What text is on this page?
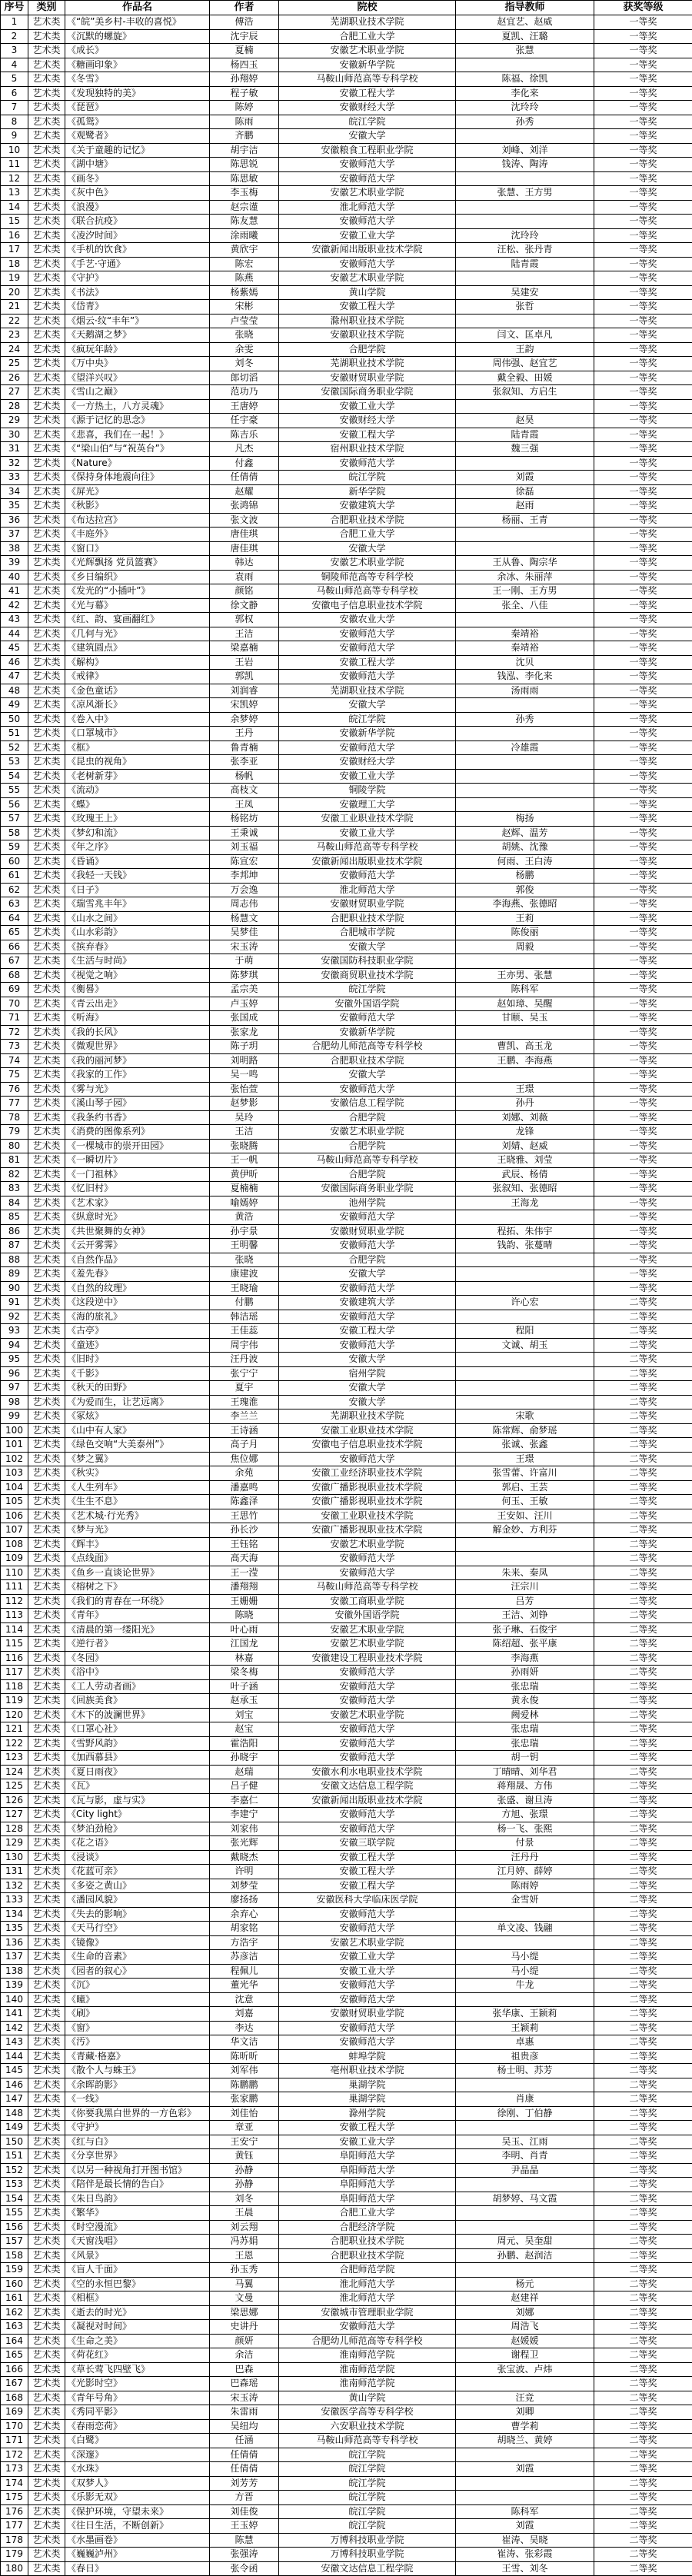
序号	类别	作品名	作者	院校	指导教师	获奖等级
1	艺术类	《“皖”美乡村-丰收的喜悦》	傅浩	芜湖职业技术学院	赵宜艺、赵威	一等奖
2	艺术类	《沉默的螺旋》	沈宇辰	合肥工业大学	夏凯、汪璐	一等奖
3	艺术类	《成长》	夏楠	安徽艺术职业学院	张慧	一等奖
4	艺术类	《糖画印象》	杨四玉	安徽新华学院		一等奖
5	艺术类	《冬雪》	孙翔婷	马鞍山师范高等专科学校	陈福、徐凯	一等奖
6	艺术类	《发现独特的美》	程子敏	安徽工程大学	李化来	一等奖
7	艺术类	《琵琶》	陈婷	安徽财经大学	沈玲玲	一等奖
8	艺术类	《孤鸳》	陈雨	皖江学院	孙秀	一等奖
9	艺术类	《观鹭者》	齐鹏	安徽大学		一等奖
10	艺术类	《关于童趣的记忆》	胡宇洁	安徽粮食工程职业学院	刘峰、刘洋	一等奖
11	艺术类	《湖中塘》	陈思锐	安徽师范大学	钱涛、陶涛	一等奖
12	艺术类	《画冬》	陈思敏	安徽师范大学		一等奖
13	艺术类	《灰中色》	李玉梅	安徽艺术职业学院	张慧、王方男	一等奖
14	艺术类	《浪漫》	赵宗谨	淮北师范大学		一等奖
15	艺术类	《联合抗疫》	陈友慧	安徽师范大学		一等奖
16	艺术类	《凌汐时间》	涂雨曦	安徽工业大学	沈玲玲	一等奖
17	艺术类	《手机的饮食》	黄欣宇	安徽新闻出版职业技术学院	汪松、张丹青	一等奖
18	艺术类	《手艺·守通》	陈宏	安徽师范大学	陆青霞	一等奖
19	艺术类	《守护》	陈燕	安徽艺术职业学院		一等奖
20	艺术类	《书法》	杨紫嫣	黄山学院	吴建安	一等奖
21	艺术类	《岱青》	宋彬	安徽工程大学	张哲	一等奖
22	艺术类	《烟云·纹“丰年”》	卢莹莹	滁州职业技术学院		一等奖
23	艺术类	《天鹅湖之梦》	张晓	安徽职业技术学院	闫文、匡卓凡	一等奖
24	艺术类	《疯玩年龄》	余雯	合肥学院	王韵	一等奖
25	艺术类	《万中央》	刘冬	芜湖职业技术学院	周伟强、赵宜艺	一等奖
26	艺术类	《望洋兴叹》	郎切滔	安徽财贸职业学院	戴全毅、田媛	一等奖
27	艺术类	《雪山之巅》	范功乃	安徽国际商务职业学院	张叙知、方启生	一等奖
28	艺术类	《一方热土，八方灵魂》	王唐婷	安徽工业大学		一等奖
29	艺术类	《源于记忆的思念》	任宇豪	安徽财经大学	赵昊	一等奖
30	艺术类	《悲喜，我们在一起！》	陈吉乐	安徽工程大学	陆青霞	一等奖
31	艺术类	《“梁山伯”与“祝英台”》	凡杰	宿州职业技术学院	魏三强	一等奖
32	艺术类	《Nature》	付鑫	安徽师范大学		一等奖
33	艺术类	《保持身体地震向往》	任倩倩	皖江学院	刘霞	一等奖
34	艺术类	《屏光》	赵耀	新华学院	徐磊	一等奖
35	艺术类	《秋影》	张鸿锦	安徽建筑大学	赵雨	一等奖
36	艺术类	《布达拉宫》	张文波	合肥职业技术学院	杨丽、王青	一等奖
37	艺术类	《丰庭外》	唐佳琪	合肥工业大学		一等奖
38	艺术类	《窗口》	唐佳琪	安徽大学		一等奖
39	艺术类	《光辉飘扬 党员篮赛》	韩达	安徽艺术职业学院	王从鲁、陶宗华	一等奖
40	艺术类	《乡日编织》	袁雨	铜陵师范高等专科学校	余冰、朱丽萍	一等奖
41	艺术类	《发光的“小插叶”》	颜铭	马鞍山师范高等专科学校	王一刚、王方男	一等奖
42	艺术类	《光与幕》	徐文静	安徽电子信息职业技术学院	张全、八佳	一等奖
43	艺术类	《红、韵、宴画翻红》	郭权	安徽农业大学		一等奖
44	艺术类	《几何与光》	王洁	安徽师范大学	秦靖裕	一等奖
45	艺术类	《建筑圆点》	梁嘉楠	安徽师范大学	秦靖裕	一等奖
46	艺术类	《解构》	王岩	安徽工程大学	沈贝	一等奖
47	艺术类	《戒律》	郭凯	安徽师范大学	钱泓、李化来	一等奖
48	艺术类	《金色童话》	刘润睿	芜湖职业技术学院	汤雨雨	一等奖
49	艺术类	《凉风渐长》	宋凯婷	安徽大学		一等奖
50	艺术类	《卷入中》	余梦婷	皖江学院	孙秀	一等奖
51	艺术类	《口罩城市》	王丹	安徽新华学院		一等奖
52	艺术类	《框》	鲁青楠	安徽师范大学	冷雄霞	一等奖
53	艺术类	《昆虫的视角》	张李亚	安徽财经大学		一等奖
54	艺术类	《老树新芽》	杨帆	安徽工业大学		一等奖
55	艺术类	《流动》	高枝文	铜陵学院		一等奖
56	艺术类	《蝶》	王凤	安徽理工大学		一等奖
57	艺术类	《玫瑰王上》	杨铭坊	安徽工业职业技术学院	梅扬	一等奖
58	艺术类	《梦幻和流》	王秉诚	安徽工业大学	赵辉、温芳	一等奖
59	艺术类	《年之序》	刘玉福	马鞍山师范高等专科学校	胡姚、沈豫	一等奖
60	艺术类	《昏诵》	陈宣宏	安徽新闻出版职业技术学院	何雨、王白涛	一等奖
61	艺术类	《我轻一天钱》	李邦坤	安徽师范大学	杨鹏	一等奖
62	艺术类	《日子》	万会逸	淮北师范大学	郭俊	一等奖
63	艺术类	《瑞雪兆丰年》	周志伟	安徽财贸职业学院	李海燕、张德昭	一等奖
64	艺术类	《山水之间》	杨慧文	合肥职业技术学院	王莉	一等奖
65	艺术类	《山水彩韵》	吴梦佳	合肥城市学院	陈俊丽	一等奖
66	艺术类	《摈弃春》	宋玉涛	安徽大学	周毅	一等奖
67	艺术类	《生活与时尚》	于萌	安徽国防科技职业学院		一等奖
68	艺术类	《视觉之响》	陈梦琪	安徽商贸职业技术学院	王亦男、张慧	一等奖
69	艺术类	《衡晷》	孟宗美	皖江学院	陈科军	一等奖
70	艺术类	《青云出走》	卢玉婷	安徽外国语学院	赵如璋、吴醒	一等奖
71	艺术类	《听海》	张国成	安徽师范大学	甘颐、吴玉	一等奖
72	艺术类	《我的长风》	张家龙	安徽新华学院		一等奖
73	艺术类	《微观世界》	陈子玥	合肥幼儿师范高等专科学校	曹凯、高玉龙	一等奖
74	艺术类	《我的丽河梦》	刘明路	合肥职业技术学院	王鹏、李海燕	一等奖
75	艺术类	《我家的工作》	吴一鸣	安徽大学		一等奖
76	艺术类	《雾与光》	张怡萱	安徽师范大学	王璟	一等奖
77	艺术类	《溪山琴子园》	赵梦影	安徽信息工程学院	孙丹	一等奖
78	艺术类	《我条约书香》	吴玲	合肥学院	刘娜、刘薇	一等奖
79	艺术类	《消费的图像系列》	王洁	安徽艺术职业学院	龙锋	一等奖
80	艺术类	《一棵城市的崇开田园》	张晓腾	合肥学院	刘婧、赵威	一等奖
81	艺术类	《一瞬切片》	王一帆	马鞍山师范高等专科学校	王晓雅、刘莹	一等奖
82	艺术类	《一门祖林》	黄伊昕	合肥学院	武辰、杨倩	一等奖
83	艺术类	《忆旧村》	夏楠楠	安徽国际商务职业学院	张叙知、张德昭	一等奖
84	艺术类	《艺术家》	喻嫣婷	池州学院	王海龙	一等奖
85	艺术类	《纵意时光》	黄浩	安徽师范大学		一等奖
86	艺术类	《共世聚舞的女神》	孙宇景	安徽财贸职业学院	程拓、朱伟宇	一等奖
87	艺术类	《云开雾霁》	王明馨	安徽师范大学	钱韵、张蔓晴	一等奖
88	艺术类	《自然作品》	张晓	合肥学院		一等奖
89	艺术类	《羞先春》	康建波	安徽大学		一等奖
90	艺术类	《自然的纹理》	王晓瑜	安徽师范大学		一等奖
91	艺术类	《这段逆中》	付鹏	安徽建筑大学	许心宏	二等奖
92	艺术类	《海的旅礼》	韩洁瑶	安徽师范大学		二等奖
93	艺术类	《古亭》	王佳蕊	安徽工程大学	程阳	二等奖
94	艺术类	《童迹》	周宇伟	安徽师范大学	文诚、胡玉	二等奖
95	艺术类	《旧时》	汪丹波	安徽大学		二等奖
96	艺术类	《千影》	张宁宁	宿州学院		二等奖
97	艺术类	《秋天的田野》	夏宇	安徽大学		二等奖
98	艺术类	《为爱而生，让艺远离》	王瑰淮	安徽大学		二等奖
99	艺术类	《冢炫》	李兰兰	芜湖职业技术学院	宋歌	二等奖
100	艺术类	《山中有人家》	王诗涵	安徽工业职业技术学院	陈常辉、俞梦瑶	二等奖
101	艺术类	《绿色交响“大美泰州”》	高子月	安徽电子信息职业技术学院	张诚、张鑫	二等奖
102	艺术类	《梦之翼》	焦位娜	安徽师范大学	王璟	二等奖
103	艺术类	《秋实》	余苑	安徽工业经济职业技术学院	张雪蕾、许富川	二等奖
104	艺术类	《人生列车》	潘嘉鸣	安徽广播影视职业技术学院	郭启、王芸	二等奖
105	艺术类	《生生不息》	陈鑫泽	安徽广播影视职业技术学院	何玉、王敏	二等奖
106	艺术类	《艺术城·行光秀》	王思竹	安徽工业职业技术学院	王安如、汪川	二等奖
107	艺术类	《梦与光》	孙长沙	安徽广播影视职业技术学院	解金妙、方利芬	二等奖
108	艺术类	《辉丰》	王钰铭	安徽艺术职业学院		二等奖
109	艺术类	《点线面》	高天海	安徽师范大学		二等奖
110	艺术类	《鱼乡一直谈论世界》	王一滢	安徽师范大学	朱来、秦凤	二等奖
111	艺术类	《榕树之下》	潘翔翔	马鞍山师范高等专科学校	汪宗川	二等奖
112	艺术类	《我们的青春在一环绕》	王姗姗	安徽工商职业学院	吕芳	二等奖
113	艺术类	《青年》	陈晓	安徽外国语学院	王洁、刘铮	二等奖
114	艺术类	《清晨的第一缕阳光》	叶心雨	安徽艺术职业学院	张子琳、石俊宇	二等奖
115	艺术类	《逆行者》	江国龙	安徽艺术职业学院	陈绍超、张平康	二等奖
116	艺术类	《冬园》	林嘉	安徽建设工程职业技术学院	李海燕	二等奖
117	艺术类	《浴中》	梁冬梅	安徽师范大学	孙雨妍	二等奖
118	艺术类	《工人劳动者画》	叶子涵	安徽师范大学	张忠瑞	二等奖
119	艺术类	《回族美食》	赵承玉	安徽师范大学	黄永俊	二等奖
120	艺术类	《木下的波澜世界》	刘宝	安徽艺术职业学院	阙爱林	二等奖
121	艺术类	《口罩心社》	赵宝	安徽师范大学	张忠瑞	二等奖
122	艺术类	《雪野风韵》	霍浩阳	安徽师范大学	张忠瑞	二等奖
123	艺术类	《加西慕县》	孙晓宇	安徽师范大学	胡一钥	二等奖
124	艺术类	《夏日雨夜》	赵瑞	安徽水利水电职业技术学院	丁晴晴、刘华君	二等奖
125	艺术类	《瓦》	吕子健	安徽文达信息工程学院	蒋翔晟、方伟	二等奖
126	艺术类	《瓦与影，虚与实》	李嘉仁	安徽新闻出版职业技术学院	张盛、谢旦涛	二等奖
127	艺术类	《City light》	李建宁	安徽师范大学	方旭、张璟	二等奖
128	艺术类	《梦泊劲枪》	刘家伟	安徽师范大学	杨一飞、张熙	二等奖
129	艺术类	《花之语》	张光辉	安徽三联学院	付景	二等奖
130	艺术类	《浸谈》	戴晓杰	安徽工程大学	汪丹丹	二等奖
131	艺术类	《花蓝可亲》	许明	安徽工程大学	江月婷、薛婷	二等奖
132	艺术类	《多姿之黄山》	刘梦莹	安徽工程大学	陈雨婷	二等奖
133	艺术类	《潘园风貌》	廖扬扬	安徽医科大学临床医学院	金雪妍	二等奖
134	艺术类	《失去的影响》	余弃心	安徽师范大学		二等奖
135	艺术类	《天马行空》	胡家铭	安徽师范大学	单文凌、钱翮	二等奖
136	艺术类	《镜像》	方浩宇	安徽艺术职业学院		二等奖
137	艺术类	《生命的音素》	苏彦洁	安徽工业大学	马小缇	二等奖
138	艺术类	《园者的叙心》	程佩儿	安徽工业大学	马小缇	二等奖
139	艺术类	《沉》	董光华	安徽师范大学	牛龙	二等奖
140	艺术类	《曈》	沈意	安徽师范大学		二等奖
141	艺术类	《刷》	刘嘉	安徽财贸职业学院	张华康、王颖莉	二等奖
142	艺术类	《窗》	李达	安徽师范大学	王颖莉	二等奖
143	艺术类	《汚》	华文洁	安徽师范大学	卓惠	二等奖
144	艺术类	《青藏·格嘉》	陈昕昕	蚌埠学院	祖贵彦	二等奖
145	艺术类	《散个人与蛛王》	刘军伟	亳州职业技术学院	杨士明、苏芳	二等奖
146	艺术类	《余晖韵影》	陈鹏鹏	巢湖学院		二等奖
147	艺术类	《一线》	张家鹏	巢湖学院	肖康	二等奖
148	艺术类	《你要我黑白世界的一方色彩》	刘佳怡	滁州学院	徐刚、丁伯静	二等奖
149	艺术类	《守护》	章亚	安徽工程大学		二等奖
150	艺术类	《红与白》	王安宁	安徽工业大学	吴玉、江雨	二等奖
151	艺术类	《分享世界》	黄钰	阜阳师范大学	李明、肖青	二等奖
152	艺术类	《以另一种视角打开图书馆》	孙静	阜阳师范大学	尹晶晶	二等奖
153	艺术类	《陪伴是最长情的告白》	孙静	阜阳师范大学		二等奖
154	艺术类	《朱日鸟韵》	刘冬	阜阳师范大学	胡梦婷、马文霞	二等奖
155	艺术类	《繁华》	王晨	合肥工业大学		二等奖
156	艺术类	《时空漫流》	刘云翔	合肥经济学院		二等奖
157	艺术类	《天窗浅唱》	冯苏娟	合肥职业技术学院	周元、吴奎甜	二等奖
158	艺术类	《风景》	王恩	合肥职业技术学院	孙鹏、赵润洁	二等奖
159	艺术类	《盲人千面》	孙玉秀	合肥师范学院		二等奖
160	艺术类	《空的永恒巴黎》	马翼	淮北师范大学	杨元	二等奖
161	艺术类	《相框》	文曼	淮北师范大学	赵建祥	二等奖
162	艺术类	《逝去的时光》	梁思娜	安徽城市管理职业学院	刘娜	二等奖
163	艺术类	《凝视对时间》	史讲丹	安徽师范大学	周浩飞	二等奖
164	艺术类	《生命之美》	颜妍	合肥幼儿师范高等专科学校	赵媛媛	二等奖
165	艺术类	《荷花红》	余洁	淮南师范学院	谢程卫	二等奖
166	艺术类	《草长莺飞四壁飞》	巴森	淮南师范学院	张宝波、卢炜	二等奖
167	艺术类	《光影时空》	巴森瑶	淮南师范学院		二等奖
168	艺术类	《青年号角》	宋玉涛	黄山学院	汪竞	二等奖
169	艺术类	《秀同平影》	朱雷雨	安徽医学高等专科学校	刘卿	二等奖
170	艺术类	《春雨恋荷》	吴纽均	六安职业技术学院	曹学莉	二等奖
171	艺术类	《白鹭》	任涵	马鞍山师范高等专科学校	胡晓兰、黄婷	二等奖
172	艺术类	《深邃》	任倩倩	皖江学院		二等奖
173	艺术类	《水珠》	任倩倩	皖江学院	刘霞	二等奖
174	艺术类	《双梦人》	刘芳芳	皖江学院		二等奖
175	艺术类	《乐影无双》	方晋	皖江学院		二等奖
176	艺术类	《保护环境，守望未来》	刘佳俊	皖江学院	陈科军	二等奖
177	艺术类	《往日生活，不断创新》	王玉婷	皖江学院	刘霞	二等奖
178	艺术类	《水墨画卷》	陈慧	万博科技职业学院	崔涛、吴晓	二等奖
179	艺术类	《巍巍泸州》	张强涛	万博科技职业学院	崔涛、张彩霞	二等奖
180	艺术类	《春日》	张令函	安徽文达信息工程学院	王雪、刘冬	二等奖
